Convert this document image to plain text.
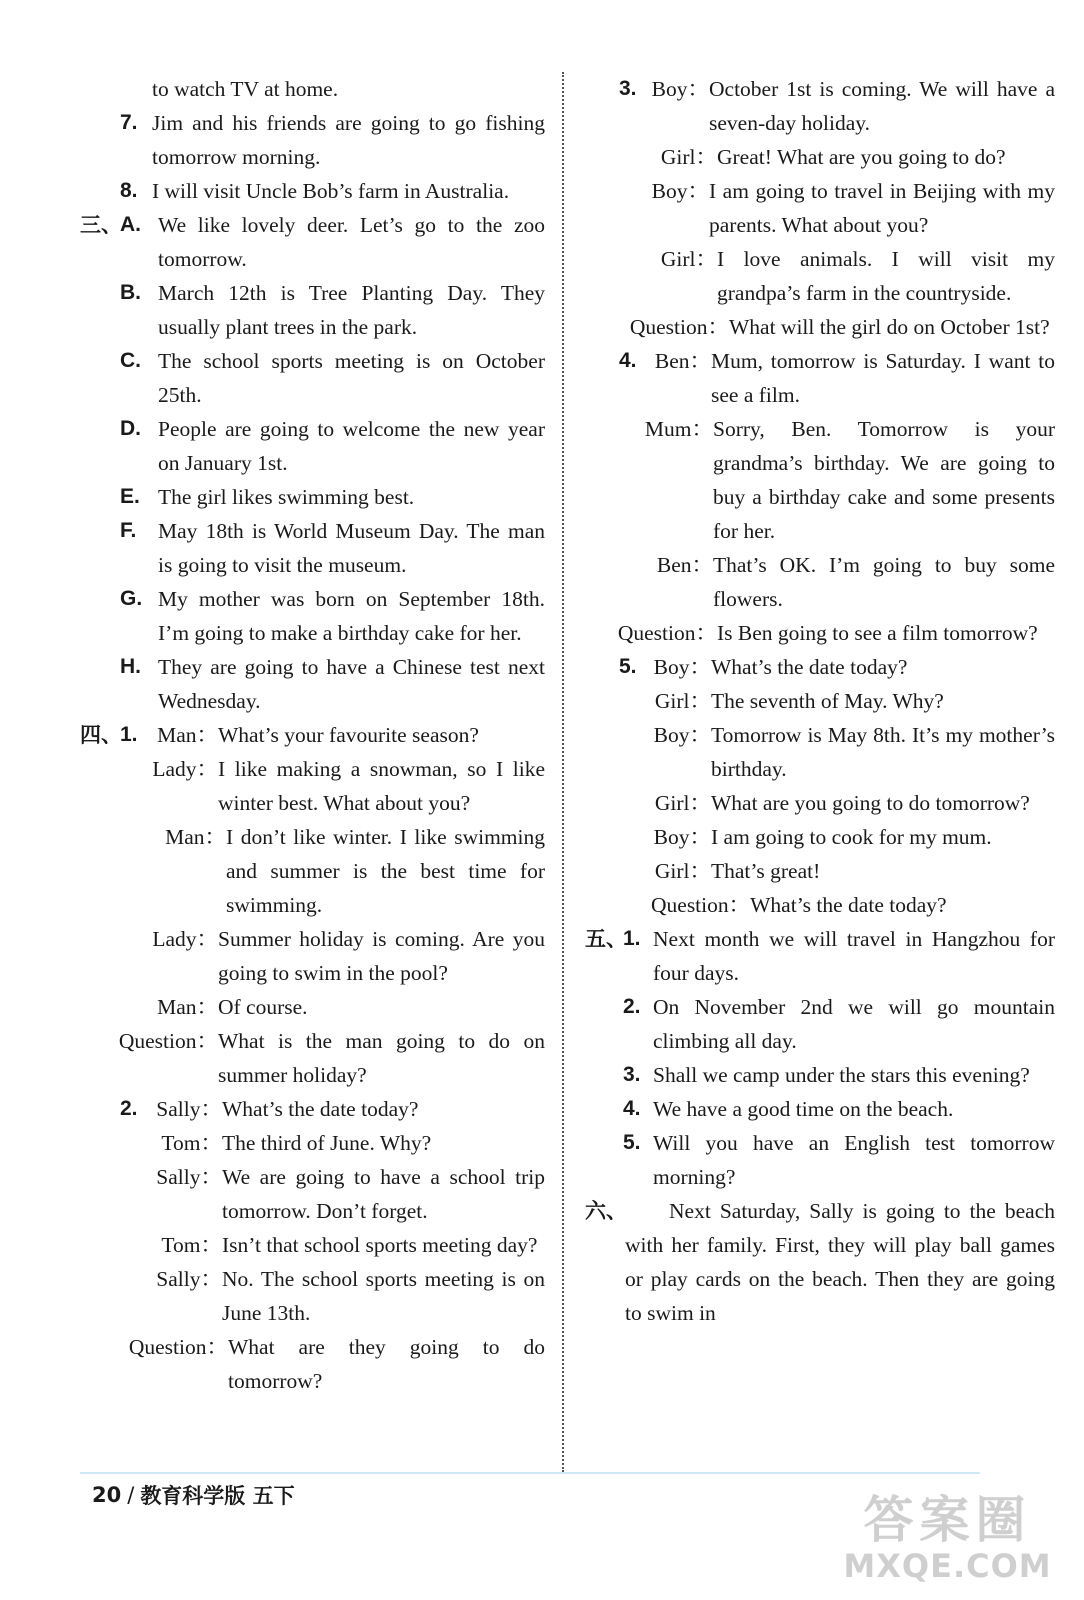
to watch TV at home.
7. Jim and his friends are going to go fishing tomorrow morning.
8. I will visit Uncle Bob’s farm in Australia.
三、
A. We like lovely deer. Let’s go to the zoo tomorrow.
B. March 12th is Tree Planting Day. They usually plant trees in the park.
C. The school sports meeting is on October 25th.
D. People are going to welcome the new year on January 1st.
E. The girl likes swimming best.
F.	May 18th is World Museum Day. The man is going to visit the museum.
G. My mother was born on September 18th. I’m going to make a birthday cake for her.
H. They are going to have a Chinese test next Wednesday.
四、
1. Man： What’s your favourite season?
Lady： I like making a snowman, so I like winter best. What about you?
Man： I don’t like winter. I like swimming and summer is the best time for swimming.
Lady： Summer holiday is coming. Are you going to swim in the pool?
Man： Of course.
Question： What is the man going to do on summer holiday?
2. Sally： What’s the date today?
Tom： The third of June. Why?
Sally： We are going to have a school trip tomorrow. Don’t forget.
Tom： Isn’t that school sports meeting day?
Sally： No. The school sports meeting is on June 13th.
Question： What are they going to do tomorrow?
3. Boy： October 1st is coming. We will have a seven-day holiday.
Girl： Great! What are you going to do?
Boy： I am going to travel in Beijing with my parents. What about you?
Girl： I love animals. I will visit my grandpa’s farm in the countryside.
Question： What will the girl do on October 1st?
4. Ben： Mum, tomorrow is Saturday. I want to see a film.
Mum： Sorry, Ben. Tomorrow is your grandma’s birthday. We are going to buy a birthday cake and some presents for her.
Ben： That’s OK. I’m going to buy some flowers.
Question： Is Ben going to see a film tomorrow?
5. Boy： What’s the date today?
Girl： The seventh of May. Why?
Boy： Tomorrow is May 8th. It’s my mother’s birthday.
Girl： What are you going to do tomorrow?
Boy： I am going to cook for my mum.
Girl： That’s great!
Question： What’s the date today?
五、
1. Next month we will travel in Hangzhou for four days.
2. On November 2nd we will go mountain climbing all day.
3. Shall we camp under the stars this evening?
4. We have a good time on the beach.
5. Will you have an English test tomorrow morning?
六、	Next Saturday, Sally is going to the beach with her family. First, they will play ball games or play cards on the beach. Then they are going to swim in
20 / 教育科学版 五下	答案圈
MXQE.COM
